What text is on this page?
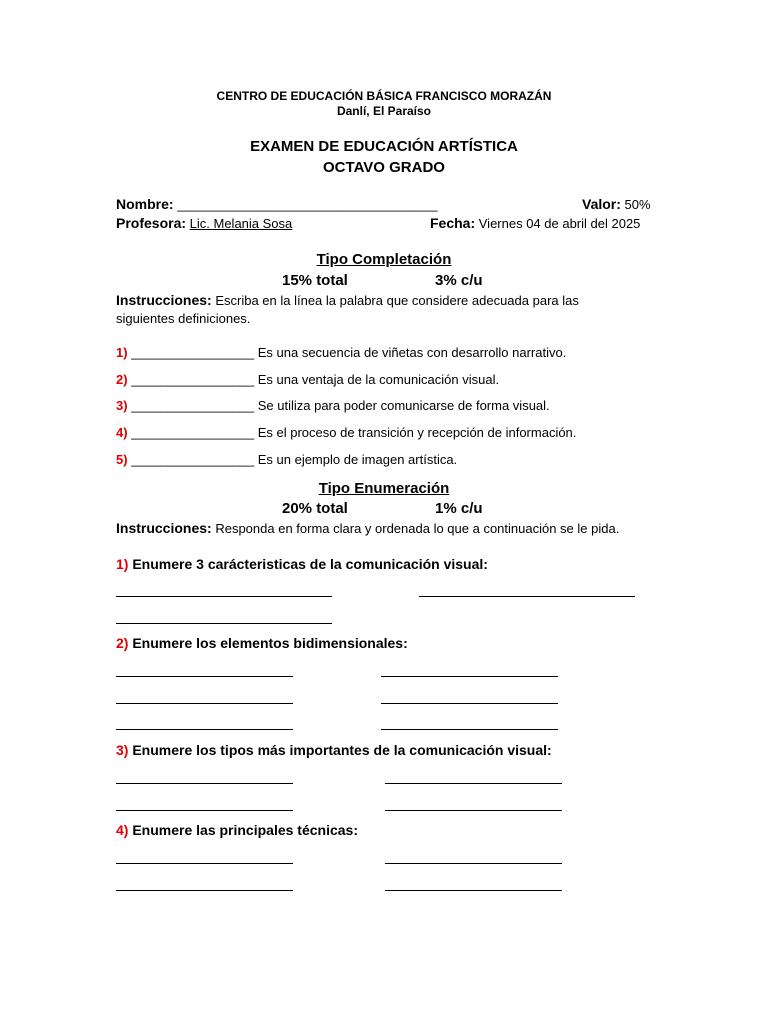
CENTRO DE EDUCACIÓN BÁSICA FRANCISCO MORAZÁN
Danlí, El Paraíso
EXAMEN DE EDUCACIÓN ARTÍSTICA
OCTAVO GRADO
Nombre: ____________________________________	Valor: 50%
Profesora: Lic. Melania Sosa	Fecha: Viernes 04 de abril del 2025
Tipo Completación
15% total	3% c/u
Instrucciones: Escriba en la línea la palabra que considere adecuada para las
siguientes definiciones.
1) _________________ Es una secuencia de viñetas con desarrollo narrativo.
2) _________________ Es una ventaja de la comunicación visual.
3) _________________ Se utiliza para poder comunicarse de forma visual.
4) _________________ Es el proceso de transición y recepción de información.
5) _________________ Es un ejemplo de imagen artística.
Tipo Enumeración
20% total	1% c/u
Instrucciones: Responda en forma clara y ordenada lo que a continuación se le pida.
1) Enumere 3 carácteristicas de la comunicación visual:
2) Enumere los elementos bidimensionales:
3) Enumere los tipos más importantes de la comunicación visual:
4) Enumere las principales técnicas:
